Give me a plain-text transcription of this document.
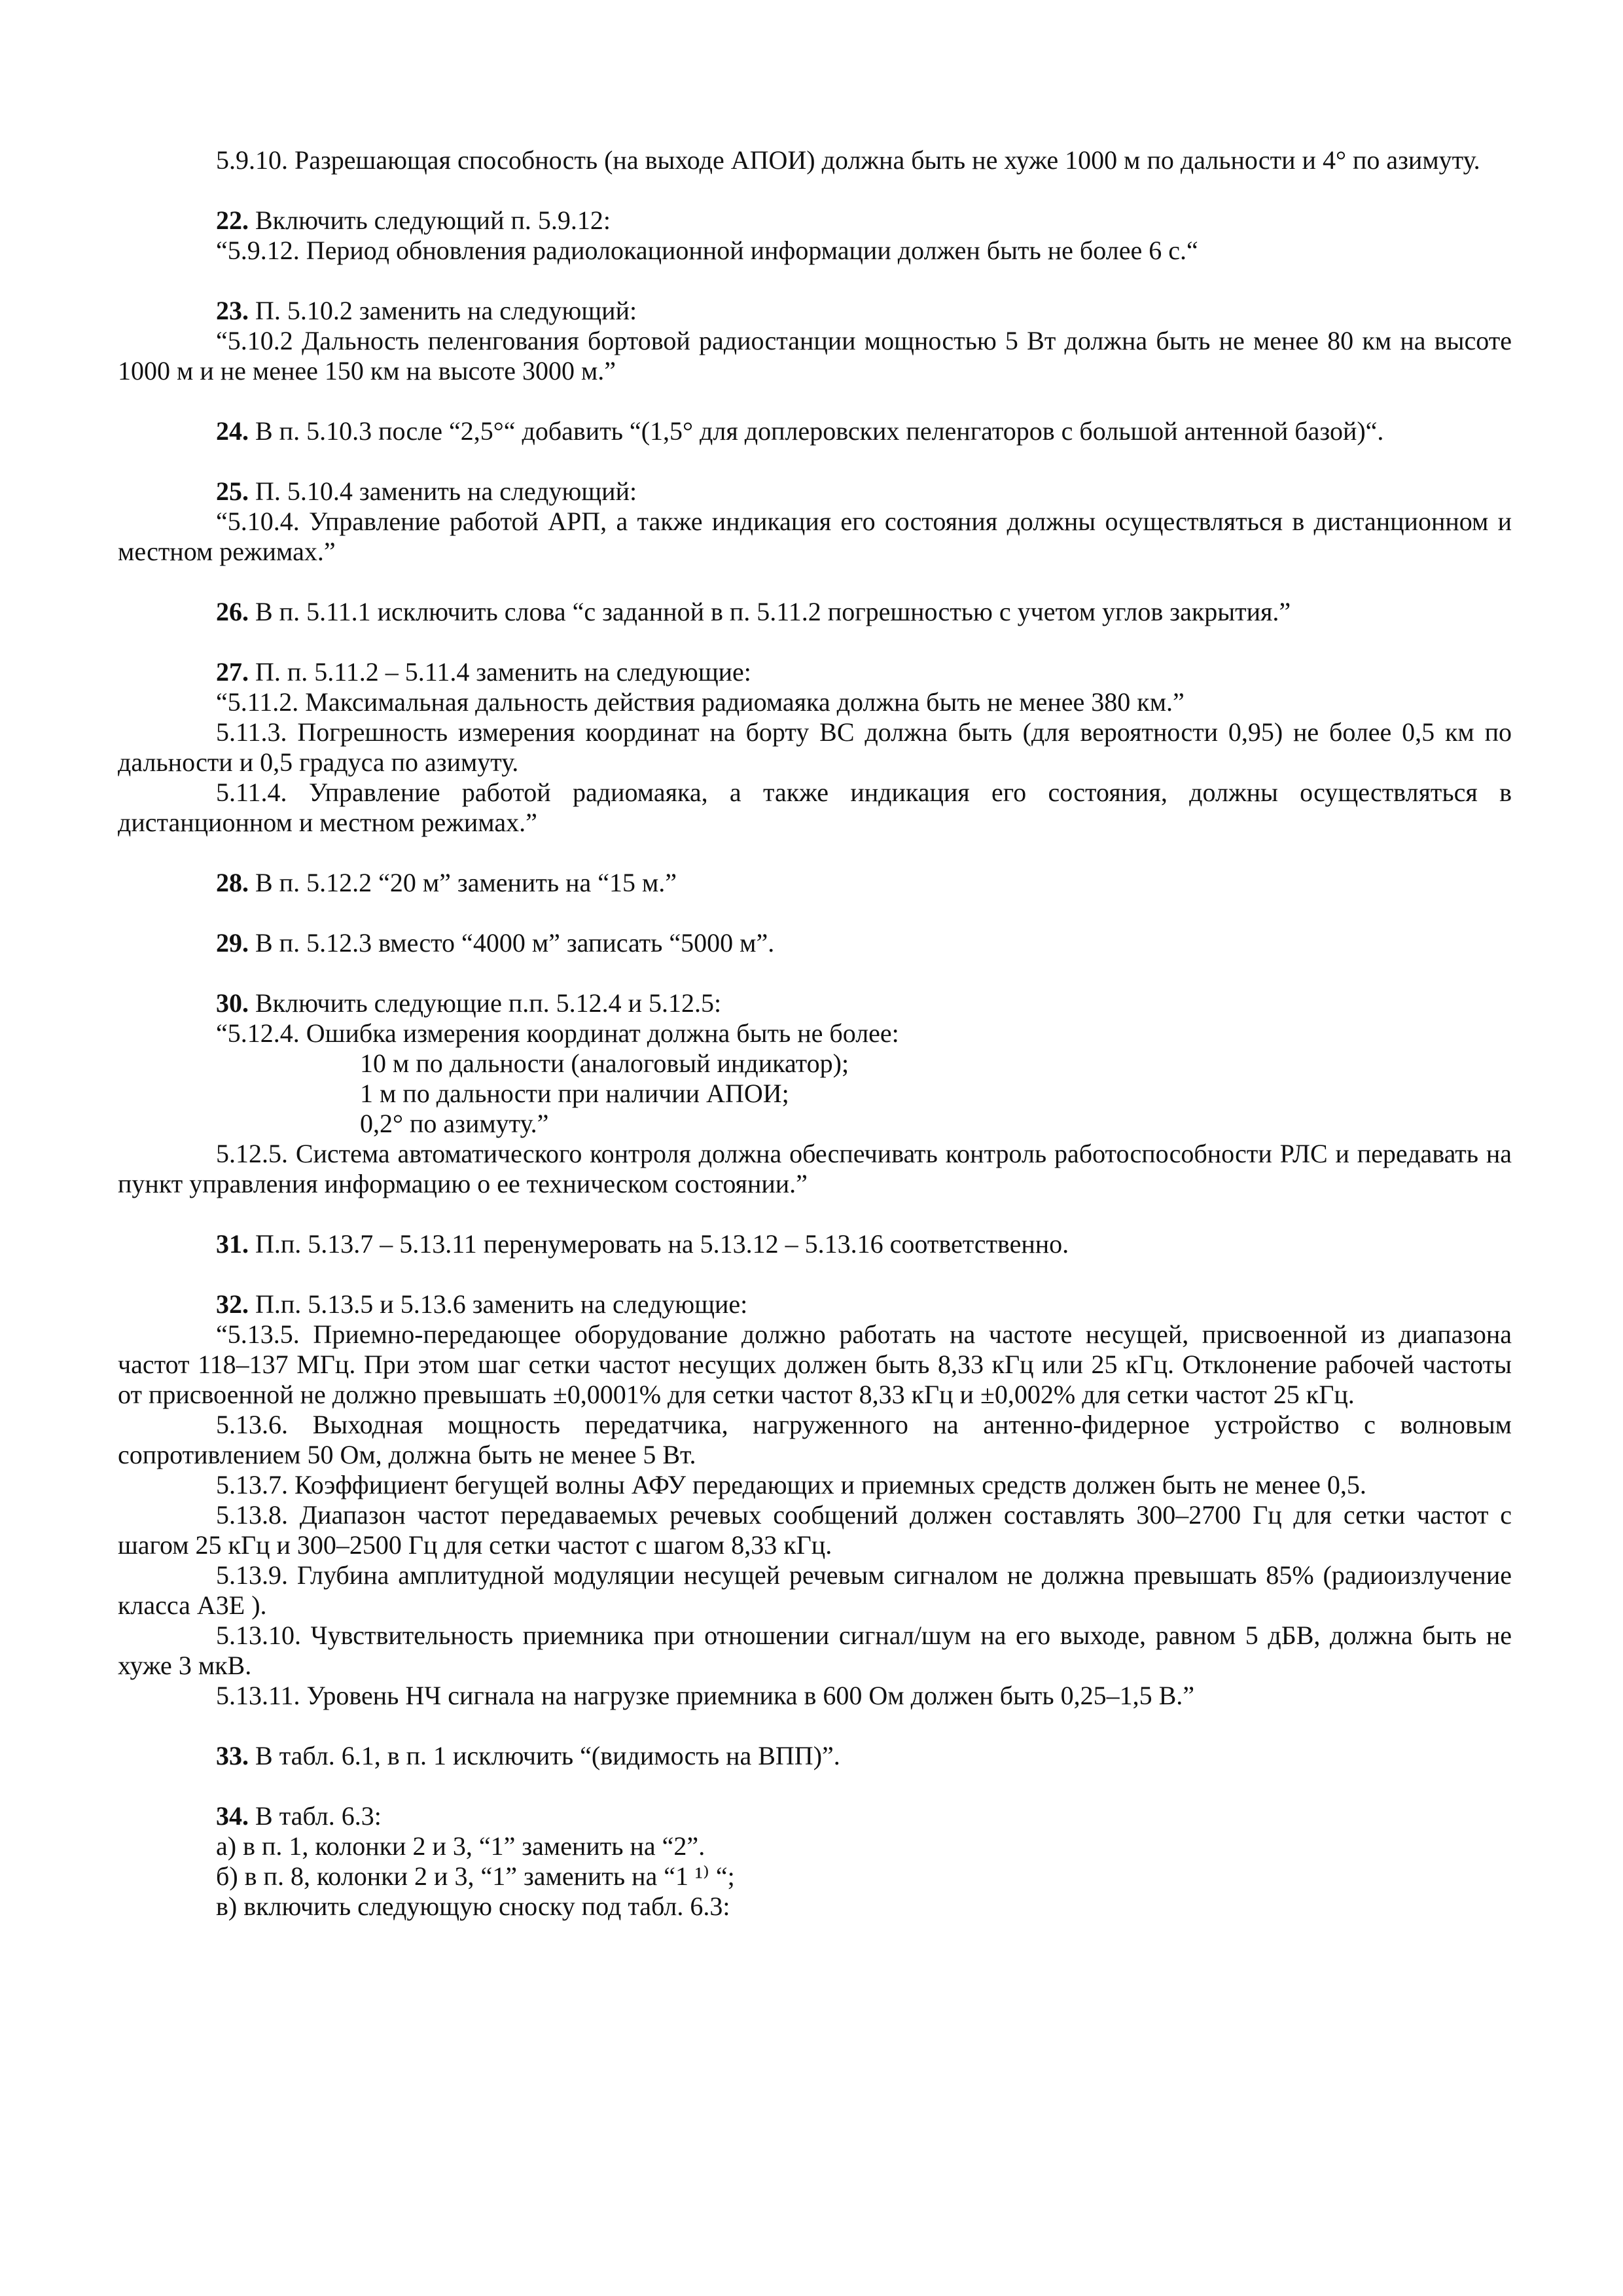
5.9.10. Разрешающая способность (на выходе АПОИ) должна быть не хуже 1000 м по дальности и 4° по азимуту.

22. Включить следующий п. 5.9.12:

“5.9.12. Период обновления радиолокационной информации должен быть не более 6 с.“

23. П. 5.10.2 заменить на следующий:

“5.10.2 Дальность пеленгования бортовой радиостанции мощностью 5 Вт должна быть не менее 80 км на высоте 1000 м и не менее 150 км на высоте 3000 м.”

24. В п. 5.10.3 после “2,5°“ добавить “(1,5° для доплеровских пеленгаторов с большой антенной базой)“.

25. П. 5.10.4 заменить на следующий:

“5.10.4. Управление работой АРП, а также индикация его состояния должны осуществляться в дистанционном и местном режимах.”

26. В п. 5.11.1 исключить слова “с заданной в п. 5.11.2 погрешностью с учетом углов закрытия.”

27. П. п. 5.11.2 – 5.11.4 заменить на следующие:

“5.11.2. Максимальная дальность действия радиомаяка должна быть не менее 380 км.”

5.11.3. Погрешность измерения координат на борту ВС должна быть (для вероятности 0,95) не более 0,5 км по дальности и 0,5 градуса по азимуту.

5.11.4. Управление работой радиомаяка, а также индикация его состояния, должны осуществляться в дистанционном и местном режимах.”

28. В п. 5.12.2 “20 м” заменить на “15 м.”

29. В п. 5.12.3 вместо “4000 м” записать “5000 м”.

30. Включить следующие п.п. 5.12.4 и 5.12.5:

“5.12.4. Ошибка измерения координат должна быть не более:

10 м по дальности (аналоговый индикатор);

1 м по дальности при наличии АПОИ;

0,2° по азимуту.”

5.12.5. Система автоматического контроля должна обеспечивать контроль работоспособности РЛС и передавать на пункт управления информацию о ее техническом состоянии.”

31. П.п. 5.13.7 – 5.13.11 перенумеровать на 5.13.12 – 5.13.16 соответственно.

32. П.п. 5.13.5 и 5.13.6 заменить на следующие:

“5.13.5. Приемно-передающее оборудование должно работать на частоте несущей, присвоенной из диапазона частот 118–137 МГц. При этом шаг сетки частот несущих должен быть 8,33 кГц или 25 кГц. Отклонение рабочей частоты от присвоенной не должно превышать ±0,0001% для сетки частот 8,33 кГц и ±0,002% для сетки частот 25 кГц.

5.13.6. Выходная мощность передатчика, нагруженного на антенно-фидерное устройство с волновым сопротивлением 50 Ом, должна быть не менее 5 Вт.

5.13.7. Коэффициент бегущей волны АФУ передающих и приемных средств должен быть не менее 0,5.

5.13.8. Диапазон частот передаваемых речевых сообщений должен составлять 300–2700 Гц для сетки частот с шагом 25 кГц и 300–2500 Гц для сетки частот с шагом 8,33 кГц.

5.13.9. Глубина амплитудной модуляции несущей речевым сигналом не должна превышать 85% (радиоизлучение класса А3Е ).

5.13.10. Чувствительность приемника при отношении сигнал/шум на его выходе, равном 5 дБВ, должна быть не хуже 3 мкВ.

5.13.11. Уровень НЧ сигнала на нагрузке приемника в 600 Ом должен быть 0,25–1,5 В.”

33. В табл. 6.1, в п. 1 исключить “(видимость на ВПП)”.

34. В табл. 6.3:

а) в п. 1, колонки 2 и 3, “1” заменить на “2”.

б) в п. 8, колонки 2 и 3, “1” заменить на “1 ¹⁾ “;

в) включить следующую сноску под табл. 6.3:
